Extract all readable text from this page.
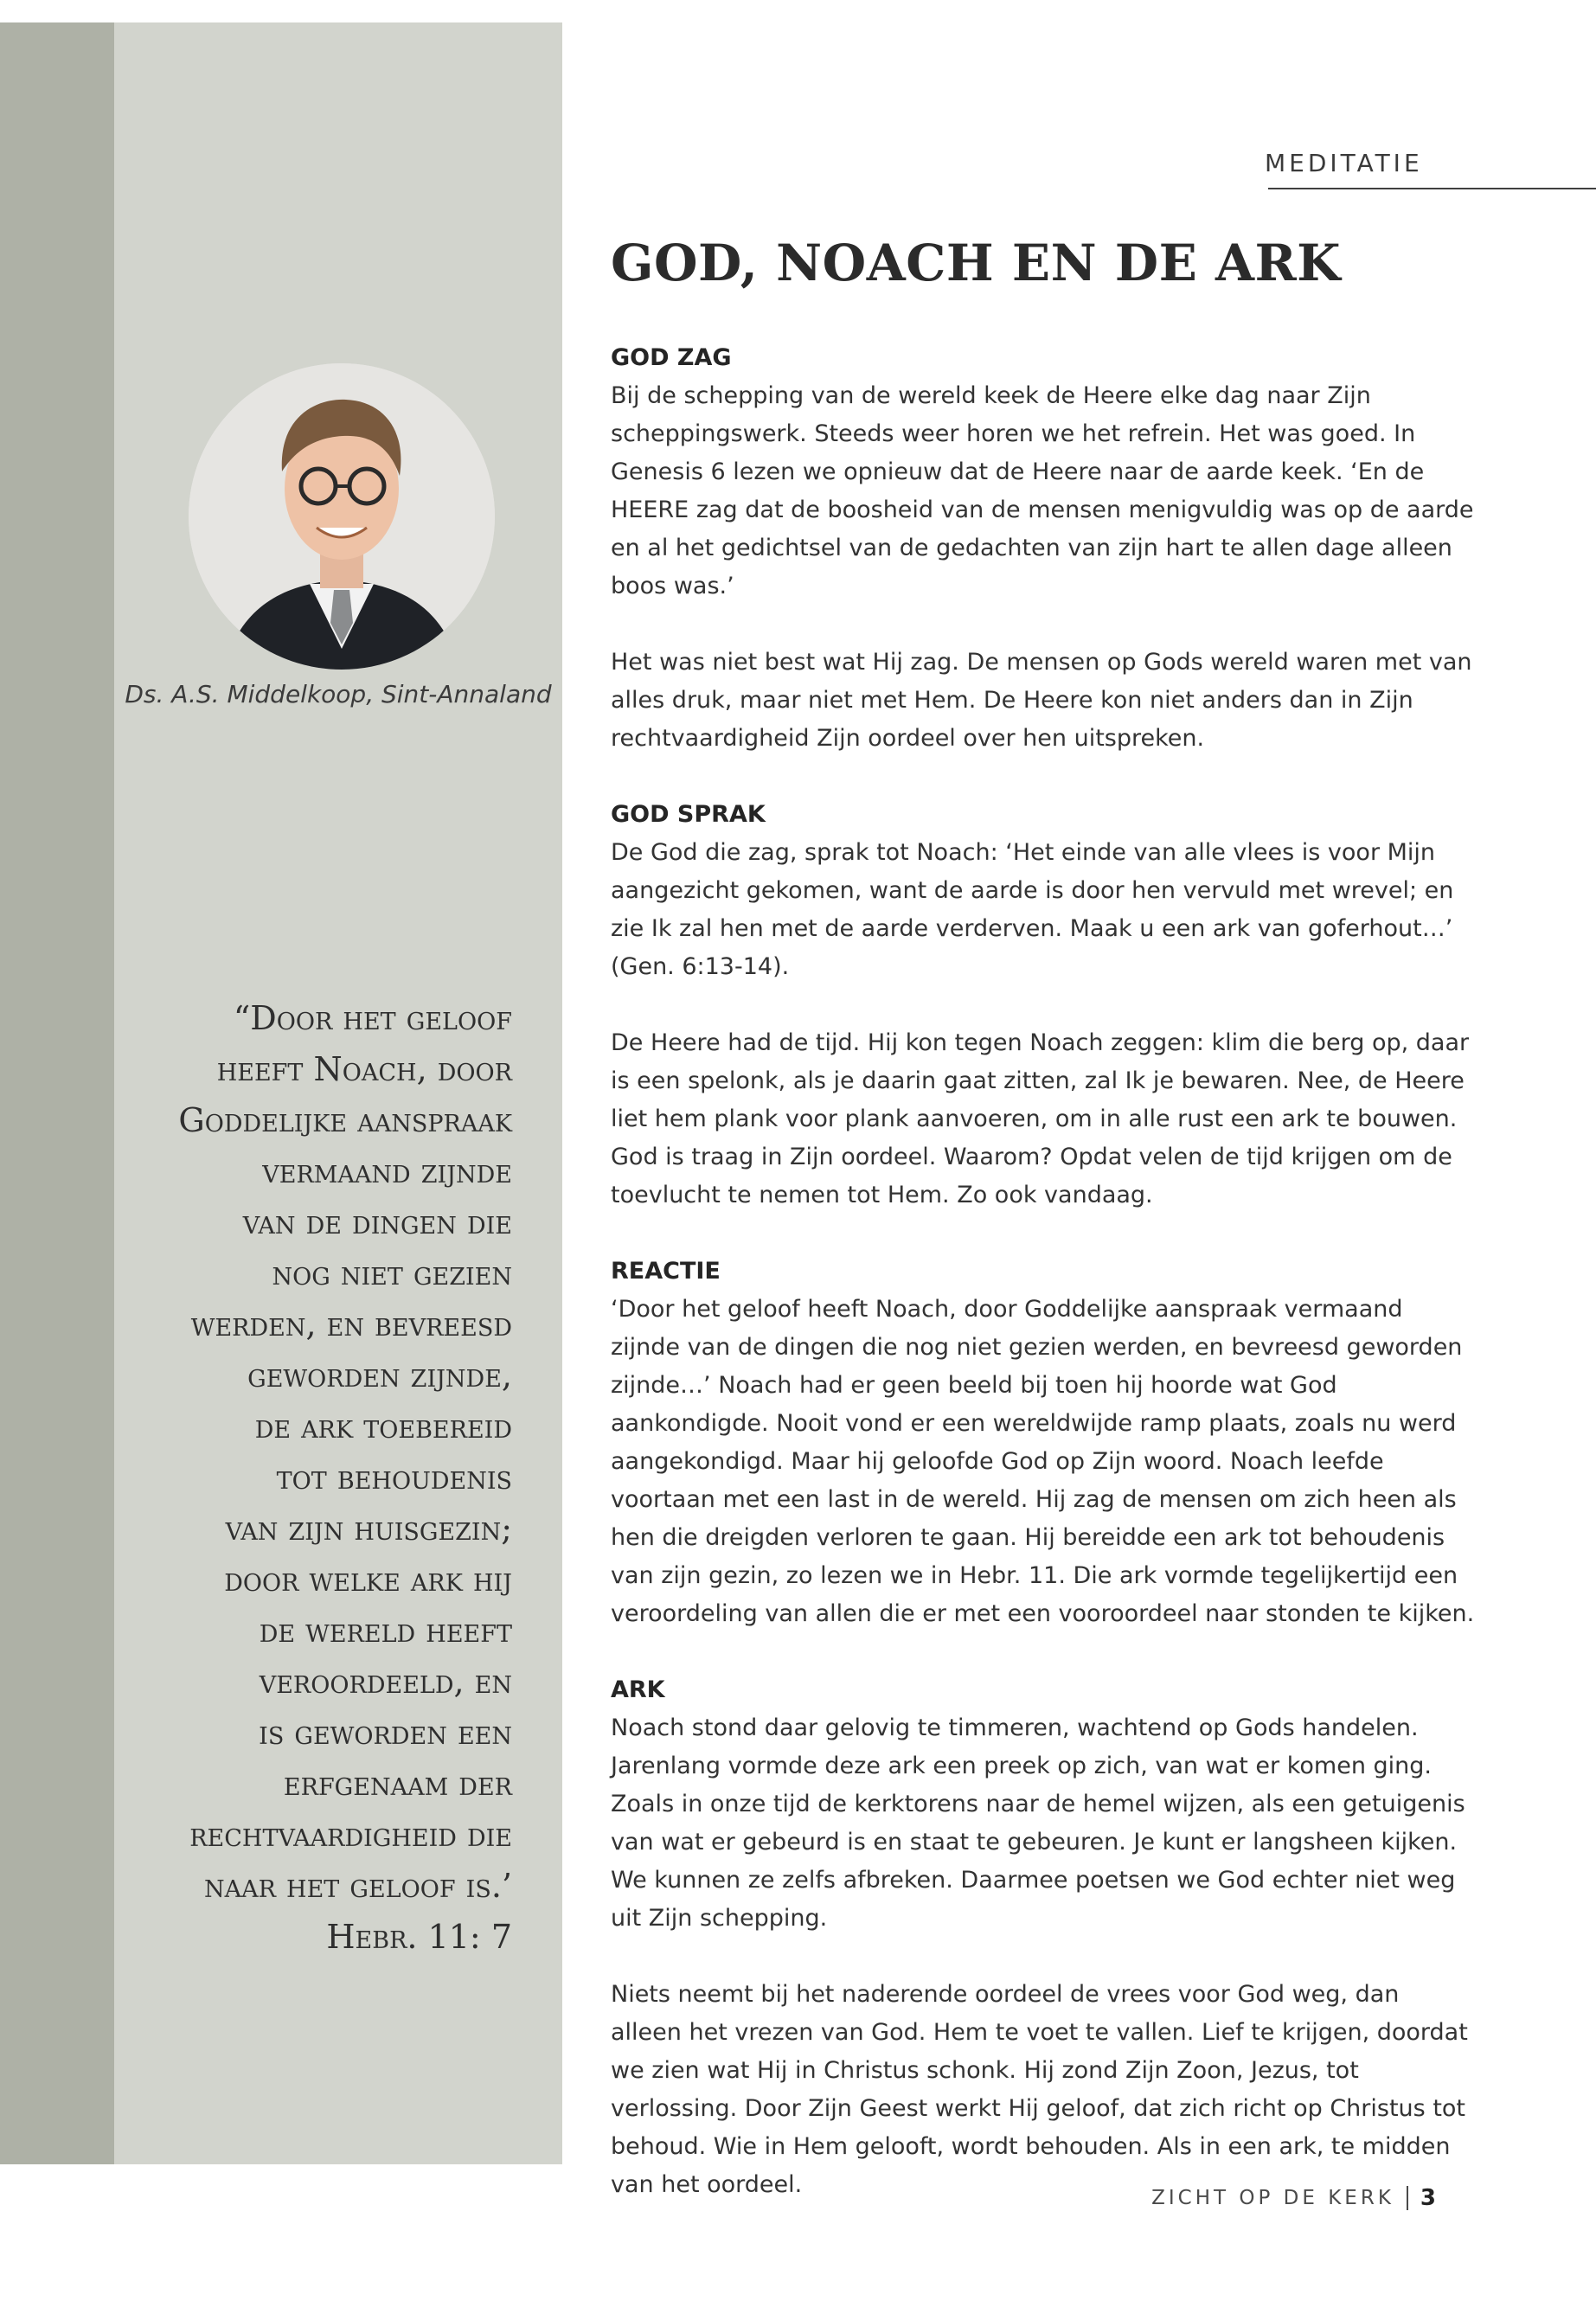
MEDITATIE
GOD, NOACH EN DE ARK
Ds. A.S. Middelkoop, Sint-Annaland
“Door het geloof
heeft Noach, door
Goddelijke aanspraak
vermaand zijnde
van de dingen die
nog niet gezien
werden, en bevreesd
geworden zijnde,
de ark toebereid
tot behoudenis
van zijn huisgezin;
door welke ark hij
de wereld heeft
veroordeeld, en
is geworden een
erfgenaam der
rechtvaardigheid die
naar het geloof is.’
Hebr. 11: 7
GOD ZAG

Bij de schepping van de wereld keek de Heere elke dag naar Zijn scheppingswerk. Steeds weer horen we het refrein. Het was goed. In Genesis 6 lezen we opnieuw dat de Heere naar de aarde keek. ‘En de HEERE zag dat de boosheid van de mensen menigvuldig was op de aarde en al het gedichtsel van de gedachten van zijn hart te allen dage alleen boos was.’

Het was niet best wat Hij zag. De mensen op Gods wereld waren met van alles druk, maar niet met Hem. De Heere kon niet anders dan in Zijn rechtvaardigheid Zijn oordeel over hen uitspreken.

GOD SPRAK

De God die zag, sprak tot Noach: ‘Het einde van alle vlees is voor Mijn aangezicht gekomen, want de aarde is door hen vervuld met wrevel; en zie Ik zal hen met de aarde verderven. Maak u een ark van goferhout…’ (Gen. 6:13-14).

De Heere had de tijd. Hij kon tegen Noach zeggen: klim die berg op, daar is een spelonk, als je daarin gaat zitten, zal Ik je bewaren. Nee, de Heere liet hem plank voor plank aanvoeren, om in alle rust een ark te bouwen. God is traag in Zijn oordeel. Waarom? Opdat velen de tijd krijgen om de toevlucht te nemen tot Hem. Zo ook vandaag.

REACTIE

‘Door het geloof heeft Noach, door Goddelijke aanspraak vermaand zijnde van de dingen die nog niet gezien werden, en bevreesd geworden zijnde…’ Noach had er geen beeld bij toen hij hoorde wat God aankondigde. Nooit vond er een wereldwijde ramp plaats, zoals nu werd aangekondigd. Maar hij geloofde God op Zijn woord. Noach leefde voortaan met een last in de wereld. Hij zag de mensen om zich heen als hen die dreigden verloren te gaan. Hij bereidde een ark tot behoudenis van zijn gezin, zo lezen we in Hebr. 11. Die ark vormde tegelijkertijd een veroordeling van allen die er met een vooroordeel naar stonden te kijken.

ARK

Noach stond daar gelovig te timmeren, wachtend op Gods handelen. Jarenlang vormde deze ark een preek op zich, van wat er komen ging. Zoals in onze tijd de kerktorens naar de hemel wijzen, als een getuigenis van wat er gebeurd is en staat te gebeuren. Je kunt er langsheen kijken. We kunnen ze zelfs afbreken. Daarmee poetsen we God echter niet weg uit Zijn schepping.

Niets neemt bij het naderende oordeel de vrees voor God weg, dan alleen het vrezen van God. Hem te voet te vallen. Lief te krijgen, doordat we zien wat Hij in Christus schonk. Hij zond Zijn Zoon, Jezus, tot verlossing. Door Zijn Geest werkt Hij geloof, dat zich richt op Christus tot behoud. Wie in Hem gelooft, wordt behouden. Als in een ark, te midden van het oordeel.	ZICHT OP DE KERK 3
